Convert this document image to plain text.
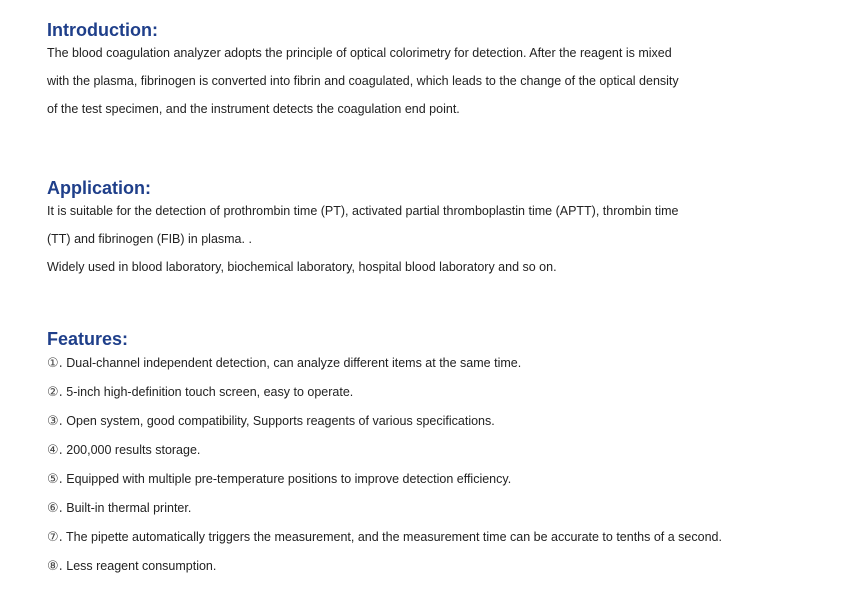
Introduction:

The blood coagulation analyzer adopts the principle of optical colorimetry for detection. After the reagent is mixed

with the plasma, fibrinogen is converted into fibrin and coagulated, which leads to the change of the optical density

of the test specimen, and the instrument detects the coagulation end point.

Application:

It is suitable for the detection of prothrombin time (PT), activated partial thromboplastin time (APTT), thrombin time

(TT) and fibrinogen (FIB) in plasma. .

Widely used in blood laboratory, biochemical laboratory, hospital blood laboratory and so on.

Features:
①. Dual-channel independent detection, can analyze different items at the same time.
②. 5-inch high-definition touch screen, easy to operate.
③. Open system, good compatibility, Supports reagents of various specifications.
④. 200,000 results storage.
⑤. Equipped with multiple pre-temperature positions to improve detection efficiency.
⑥. Built-in thermal printer.
⑦. The pipette automatically triggers the measurement, and the measurement time can be accurate to tenths of a second.
⑧. Less reagent consumption.
